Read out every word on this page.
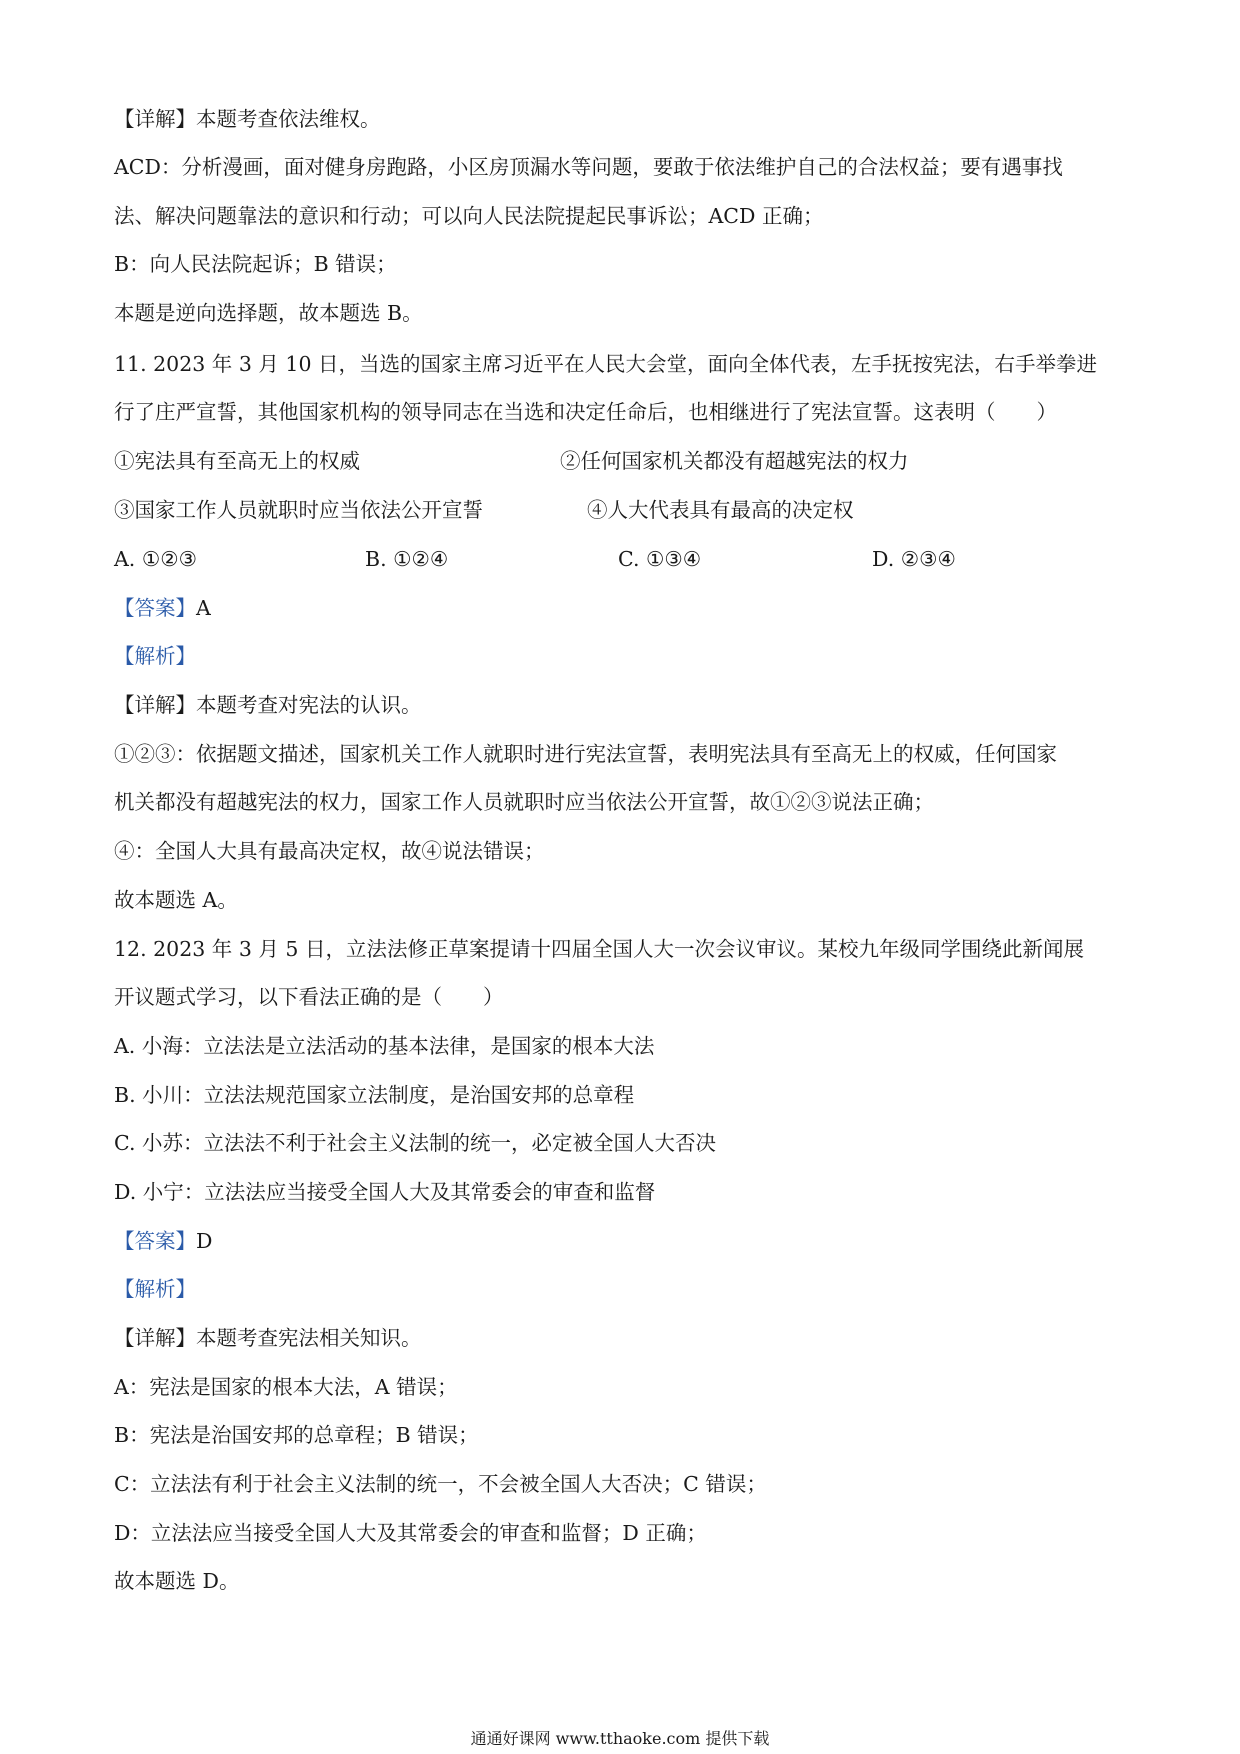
【详解】本题考查依法维权。
ACD：分析漫画，面对健身房跑路，小区房顶漏水等问题，要敢于依法维护自己的合法权益；要有遇事找
法、解决问题靠法的意识和行动；可以向人民法院提起民事诉讼；ACD 正确；
B：向人民法院起诉；B 错误；
本题是逆向选择题，故本题选 B。
11. 2023 年 3 月 10 日，当选的国家主席习近平在人民大会堂，面向全体代表，左手抚按宪法，右手举拳进
行了庄严宣誓，其他国家机构的领导同志在当选和决定任命后，也相继进行了宪法宣誓。这表明（　　）
①宪法具有至高无上的权威	②任何国家机关都没有超越宪法的权力
③国家工作人员就职时应当依法公开宣誓	④人大代表具有最高的决定权
A. ①②③	B. ①②④	C. ①③④	D. ②③④
【答案】A
【解析】
【详解】本题考查对宪法的认识。
①②③：依据题文描述，国家机关工作人就职时进行宪法宣誓，表明宪法具有至高无上的权威，任何国家
机关都没有超越宪法的权力，国家工作人员就职时应当依法公开宣誓，故①②③说法正确；
④：全国人大具有最高决定权，故④说法错误；
故本题选 A。
12. 2023 年 3 月 5 日，立法法修正草案提请十四届全国人大一次会议审议。某校九年级同学围绕此新闻展
开议题式学习，以下看法正确的是（　　）
A. 小海：立法法是立法活动的基本法律，是国家的根本大法
B. 小川：立法法规范国家立法制度，是治国安邦的总章程
C. 小苏：立法法不利于社会主义法制的统一，必定被全国人大否决
D. 小宁：立法法应当接受全国人大及其常委会的审查和监督
【答案】D
【解析】
【详解】本题考查宪法相关知识。
A：宪法是国家的根本大法，A 错误；
B：宪法是治国安邦的总章程；B 错误；
C：立法法有利于社会主义法制的统一，不会被全国人大否决；C 错误；
D：立法法应当接受全国人大及其常委会的审查和监督；D 正确；
故本题选 D。
通通好课网 www.tthaoke.com 提供下载
